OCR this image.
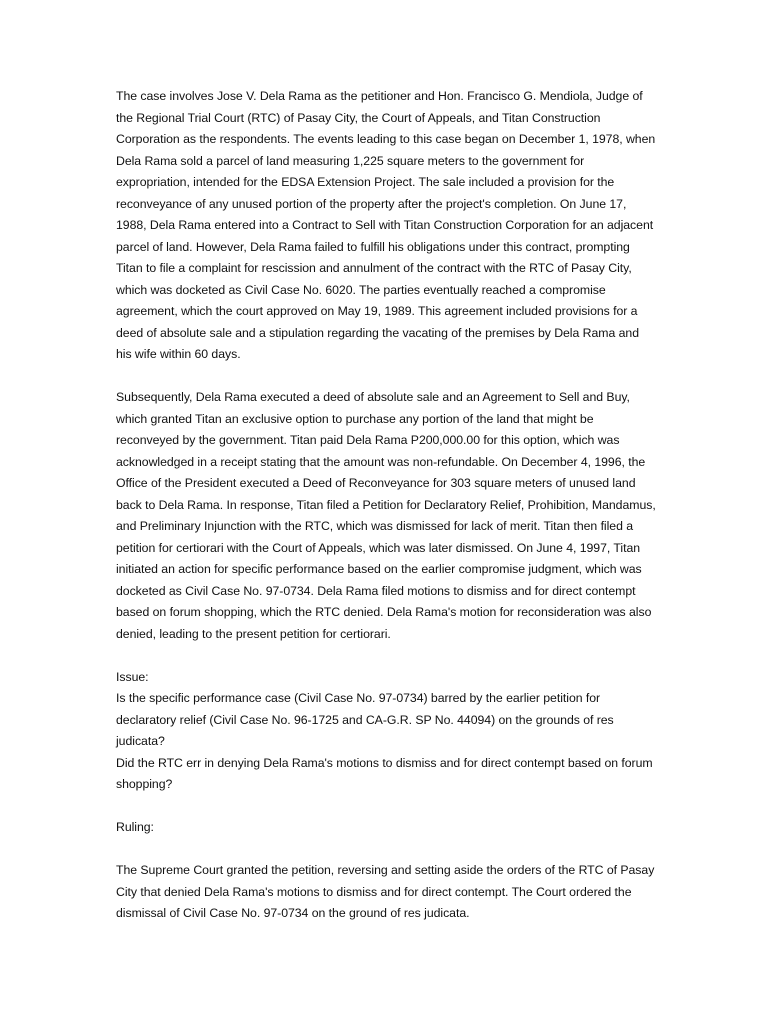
The case involves Jose V. Dela Rama as the petitioner and Hon. Francisco G. Mendiola, Judge of the Regional Trial Court (RTC) of Pasay City, the Court of Appeals, and Titan Construction Corporation as the respondents. The events leading to this case began on December 1, 1978, when Dela Rama sold a parcel of land measuring 1,225 square meters to the government for expropriation, intended for the EDSA Extension Project. The sale included a provision for the reconveyance of any unused portion of the property after the project's completion. On June 17, 1988, Dela Rama entered into a Contract to Sell with Titan Construction Corporation for an adjacent parcel of land. However, Dela Rama failed to fulfill his obligations under this contract, prompting Titan to file a complaint for rescission and annulment of the contract with the RTC of Pasay City, which was docketed as Civil Case No. 6020. The parties eventually reached a compromise agreement, which the court approved on May 19, 1989. This agreement included provisions for a deed of absolute sale and a stipulation regarding the vacating of the premises by Dela Rama and his wife within 60 days.

Subsequently, Dela Rama executed a deed of absolute sale and an Agreement to Sell and Buy, which granted Titan an exclusive option to purchase any portion of the land that might be reconveyed by the government. Titan paid Dela Rama P200,000.00 for this option, which was acknowledged in a receipt stating that the amount was non-refundable. On December 4, 1996, the Office of the President executed a Deed of Reconveyance for 303 square meters of unused land back to Dela Rama. In response, Titan filed a Petition for Declaratory Relief, Prohibition, Mandamus, and Preliminary Injunction with the RTC, which was dismissed for lack of merit. Titan then filed a petition for certiorari with the Court of Appeals, which was later dismissed. On June 4, 1997, Titan initiated an action for specific performance based on the earlier compromise judgment, which was docketed as Civil Case No. 97-0734. Dela Rama filed motions to dismiss and for direct contempt based on forum shopping, which the RTC denied. Dela Rama's motion for reconsideration was also denied, leading to the present petition for certiorari.

Issue:

Is the specific performance case (Civil Case No. 97-0734) barred by the earlier petition for declaratory relief (Civil Case No. 96-1725 and CA-G.R. SP No. 44094) on the grounds of res judicata?

Did the RTC err in denying Dela Rama's motions to dismiss and for direct contempt based on forum shopping?

Ruling:

The Supreme Court granted the petition, reversing and setting aside the orders of the RTC of Pasay City that denied Dela Rama's motions to dismiss and for direct contempt. The Court ordered the dismissal of Civil Case No. 97-0734 on the ground of res judicata.
